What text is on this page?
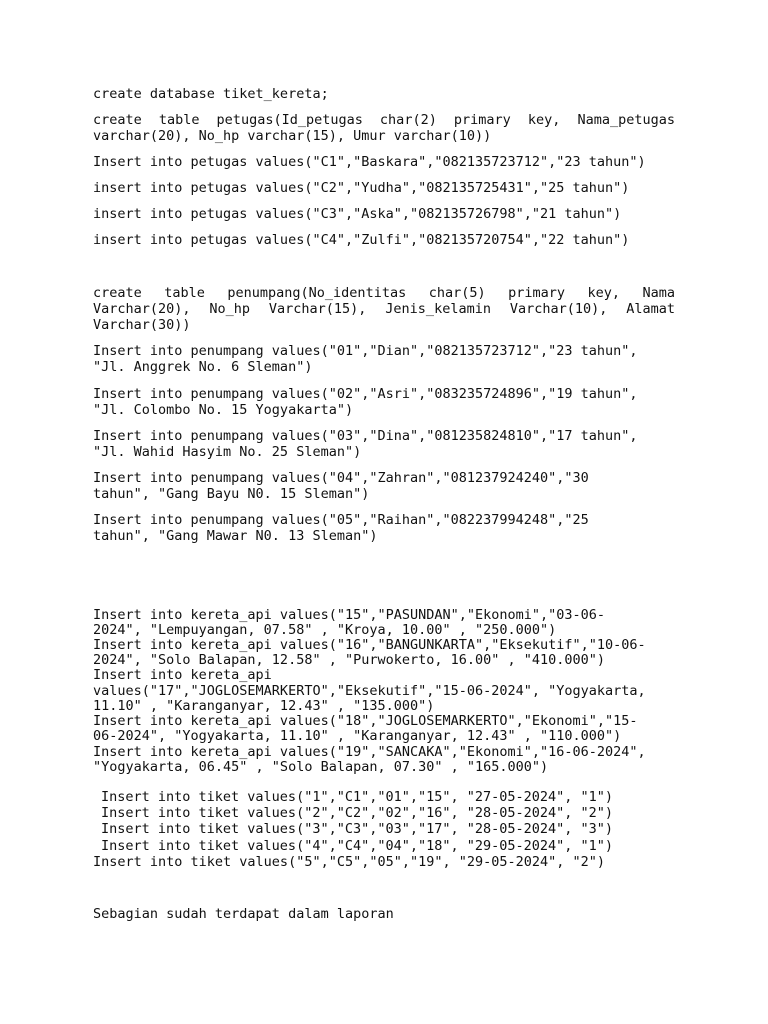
create database tiket_kereta;

create table petugas(Id_petugas char(2) primary key, Nama_petugas
varchar(20), No_hp varchar(15), Umur varchar(10))

Insert into petugas values("C1","Baskara","082135723712","23 tahun")

insert into petugas values("C2","Yudha","082135725431","25 tahun")

insert into petugas values("C3","Aska","082135726798","21 tahun")

insert into petugas values("C4","Zulfi","082135720754","22 tahun")

create table penumpang(No_identitas char(5) primary key, Nama
Varchar(20), No_hp Varchar(15), Jenis_kelamin Varchar(10), Alamat
Varchar(30))

Insert into penumpang values("01","Dian","082135723712","23 tahun",
"Jl. Anggrek No. 6 Sleman")

Insert into penumpang values("02","Asri","083235724896","19 tahun",
"Jl. Colombo No. 15 Yogyakarta")

Insert into penumpang values("03","Dina","081235824810","17 tahun",
"Jl. Wahid Hasyim No. 25 Sleman")

Insert into penumpang values("04","Zahran","081237924240","30
tahun", "Gang Bayu N0. 15 Sleman")

Insert into penumpang values("05","Raihan","082237994248","25
tahun", "Gang Mawar N0. 13 Sleman")

Insert into kereta_api values("15","PASUNDAN","Ekonomi","03-06-

2024", "Lempuyangan, 07.58" , "Kroya, 10.00" , "250.000")

Insert into kereta_api values("16","BANGUNKARTA","Eksekutif","10-06-

2024", "Solo Balapan, 12.58" , "Purwokerto, 16.00" , "410.000")

Insert into kereta_api

values("17","JOGLOSEMARKERTO","Eksekutif","15-06-2024", "Yogyakarta,

11.10" , "Karanganyar, 12.43" , "135.000")

Insert into kereta_api values("18","JOGLOSEMARKERTO","Ekonomi","15-

06-2024", "Yogyakarta, 11.10" , "Karanganyar, 12.43" , "110.000")

Insert into kereta_api values("19","SANCAKA","Ekonomi","16-06-2024",

"Yogyakarta, 06.45" , "Solo Balapan, 07.30" , "165.000")

Insert into tiket values("1","C1","01","15", "27-05-2024", "1")

Insert into tiket values("2","C2","02","16", "28-05-2024", "2")

Insert into tiket values("3","C3","03","17", "28-05-2024", "3")

Insert into tiket values("4","C4","04","18", "29-05-2024", "1")

Insert into tiket values("5","C5","05","19", "29-05-2024", "2")

Sebagian sudah terdapat dalam laporan
